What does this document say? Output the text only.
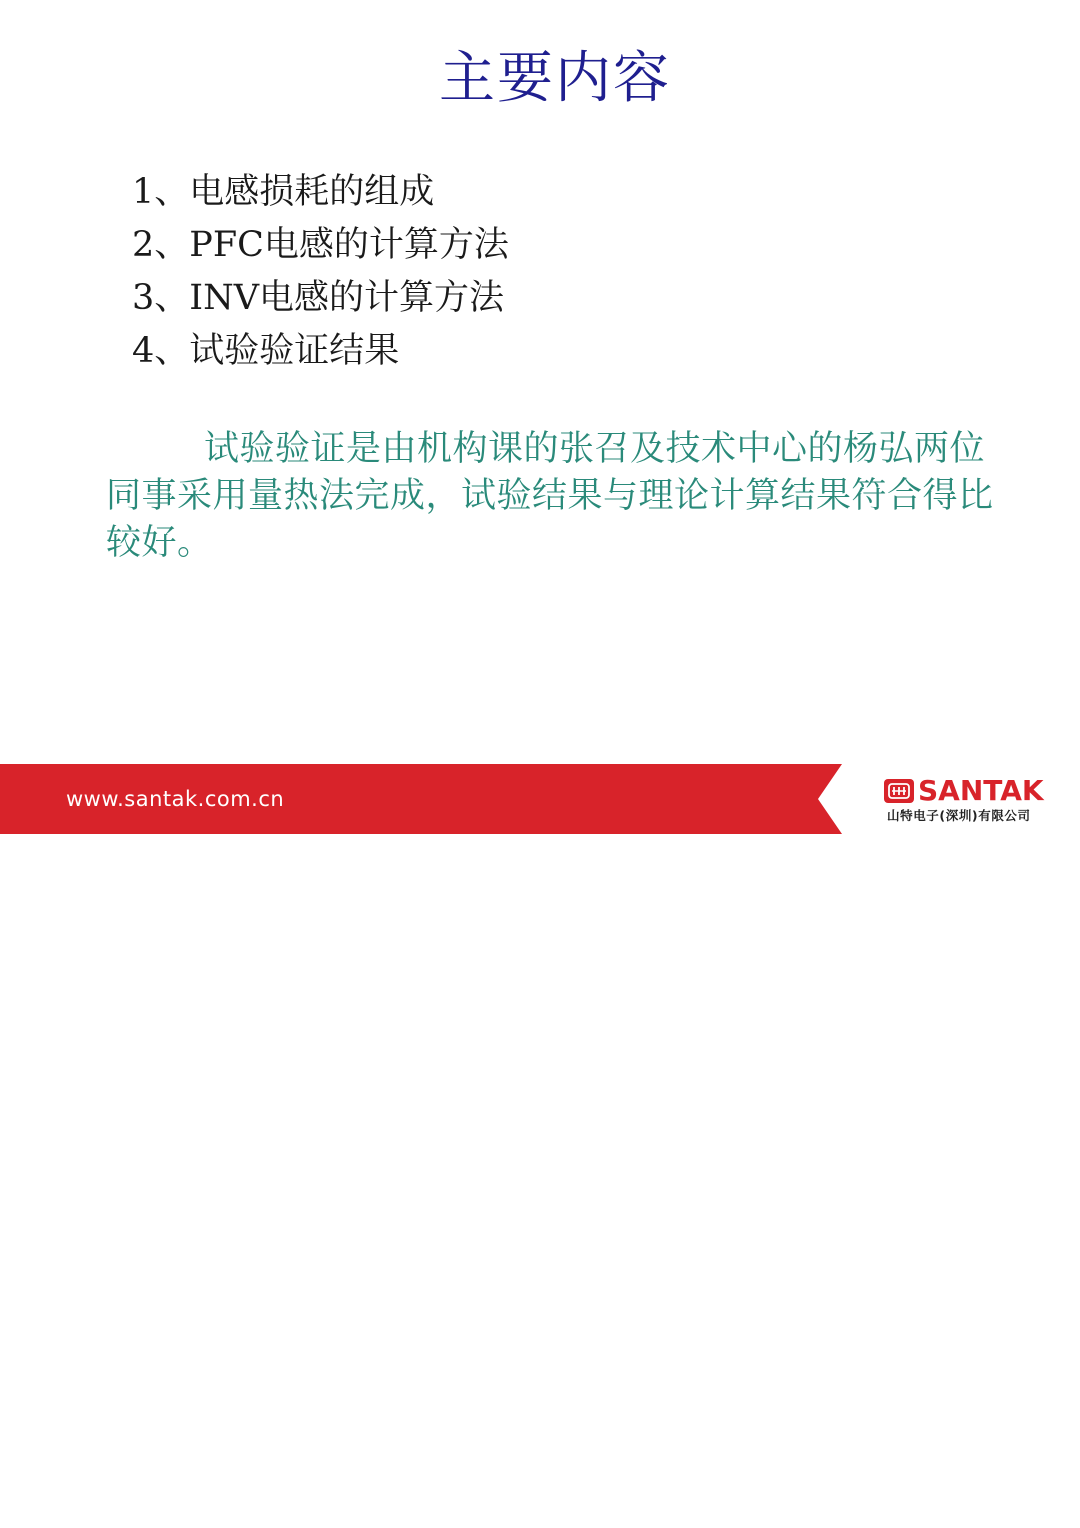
主要内容
1、电感损耗的组成
2、PFC电感的计算方法
3、INV电感的计算方法
4、试验验证结果

试验验证是由机构课的张召及技术中心的杨弘两位同事采用量热法完成，试验结果与理论计算结果符合得比较好。

www.santak.com.cn	SANTAK
山特电子(深圳)有限公司
